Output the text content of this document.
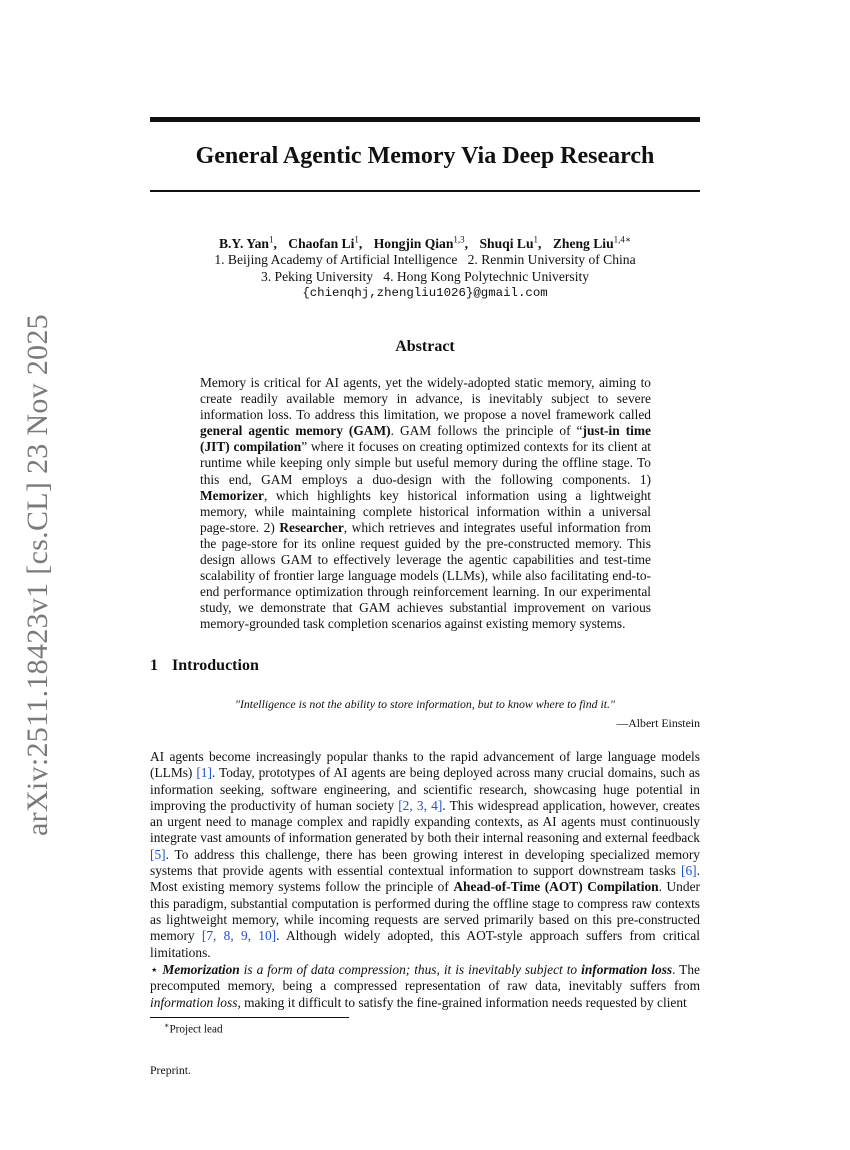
arXiv:2511.18423v1 [cs.CL] 23 Nov 2025
General Agentic Memory Via Deep Research
B.Y. Yan$^1$, Chaofan Li$^1$, Hongjin Qian$^{1,3}$, Shuqi Lu$^1$, Zheng Liu$^{1,4∗}$
1. Beijing Academy of Artificial Intelligence   2. Renmin University of China
3. Peking University   4. Hong Kong Polytechnic University
{chienqhj,zhengliu1026}@gmail.com
Abstract

Memory is critical for AI agents, yet the widely-adopted static memory, aiming to create readily available memory in advance, is inevitably subject to severe information loss. To address this limitation, we propose a novel framework called general agentic memory (GAM). GAM follows the principle of “just-in time (JIT) compilation” where it focuses on creating optimized contexts for its client at runtime while keeping only simple but useful memory during the offline stage. To this end, GAM employs a duo-design with the following components. 1) Memorizer, which highlights key historical information using a lightweight memory, while maintaining complete historical information within a universal page-store. 2) Researcher, which retrieves and integrates useful information from the page-store for its online request guided by the pre-constructed memory. This design allows GAM to effectively leverage the agentic capabilities and test-time scalability of frontier large language models (LLMs), while also facilitating end-to-end performance optimization through reinforcement learning. In our experimental study, we demonstrate that GAM achieves substantial improvement on various memory-grounded task completion scenarios against existing memory systems.

1 Introduction

"Intelligence is not the ability to store information, but to know where to find it."

—Albert Einstein

AI agents become increasingly popular thanks to the rapid advancement of large language models (LLMs) [1]. Today, prototypes of AI agents are being deployed across many crucial domains, such as information seeking, software engineering, and scientific research, showcasing huge potential in improving the productivity of human society [2, 3, 4]. This widespread application, however, creates an urgent need to manage complex and rapidly expanding contexts, as AI agents must continuously integrate vast amounts of information generated by both their internal reasoning and external feedback [5]. To address this challenge, there has been growing interest in developing specialized memory systems that provide agents with essential contextual information to support downstream tasks [6]. Most existing memory systems follow the principle of Ahead-of-Time (AOT) Compilation. Under this paradigm, substantial computation is performed during the offline stage to compress raw contexts as lightweight memory, while incoming requests are served primarily based on this pre-constructed memory [7, 8, 9, 10]. Although widely adopted, this AOT-style approach suffers from critical limitations.

⋆ Memorization is a form of data compression; thus, it is inevitably subject to information loss. The precomputed memory, being a compressed representation of raw data, inevitably suffers from information loss, making it difficult to satisfy the fine-grained information needs requested by client

∗Project lead

Preprint.
